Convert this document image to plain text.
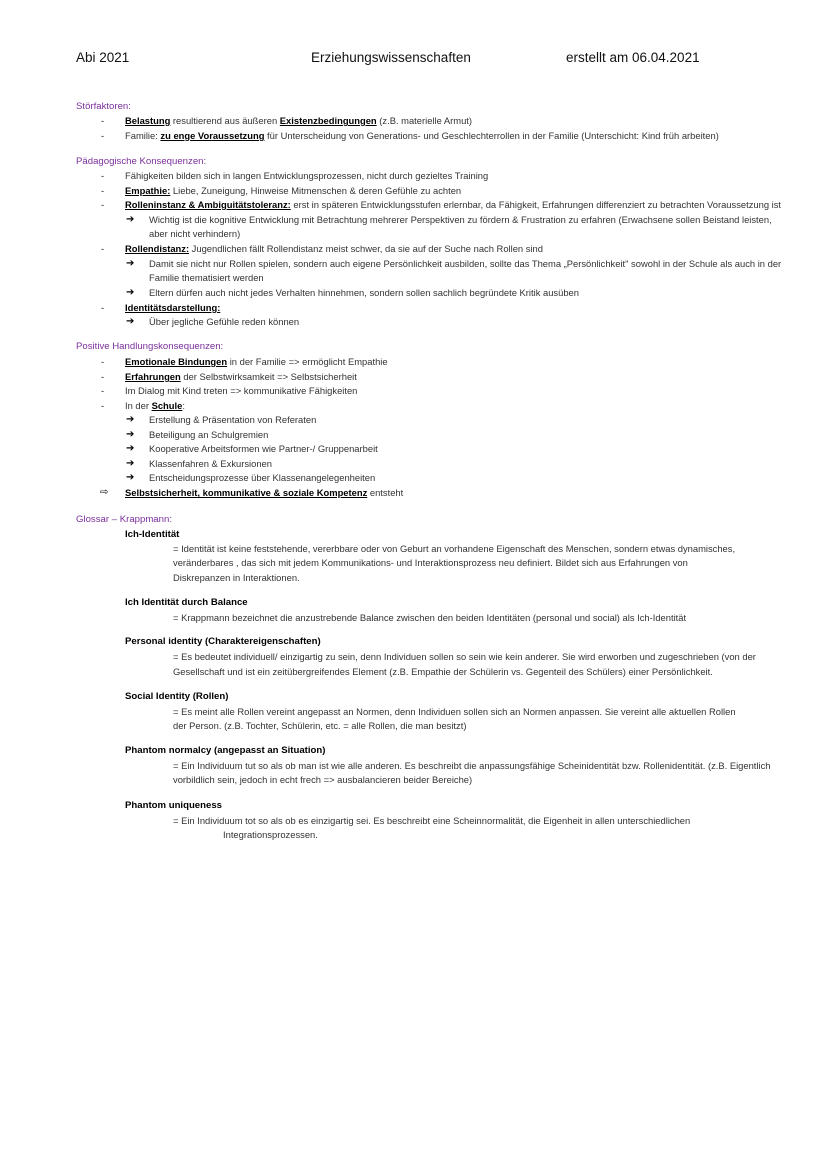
Abi 2021	Erziehungswissenschaften	erstellt am 06.04.2021
Störfaktoren:
-	Belastung resultierend aus äußeren Existenzbedingungen (z.B. materielle Armut)
-	Familie: zu enge Voraussetzung für Unterscheidung von Generations- und Geschlechterrollen in der Familie (Unterschicht: Kind früh arbeiten)
Pädagogische Konsequenzen:
-	Fähigkeiten bilden sich in langen Entwicklungsprozessen, nicht durch gezieltes Training
-	Empathie: Liebe, Zuneigung, Hinweise Mitmenschen & deren Gefühle zu achten
-	Rolleninstanz & Ambiguitätstoleranz: erst in späteren Entwicklungsstufen erlernbar, da Fähigkeit, Erfahrungen differenziert zu betrachten Voraussetzung ist
➔ Wichtig ist die kognitive Entwicklung mit Betrachtung mehrerer Perspektiven zu fördern & Frustration zu erfahren (Erwachsene sollen Beistand leisten,
aber nicht verhindern)
-	Rollendistanz: Jugendlichen fällt Rollendistanz meist schwer, da sie auf der Suche nach Rollen sind
➔ Damit sie nicht nur Rollen spielen, sondern auch eigene Persönlichkeit ausbilden, sollte das Thema „Persönlichkeit" sowohl in der Schule als auch in der
Familie thematisiert werden
➔ Eltern dürfen auch nicht jedes Verhalten hinnehmen, sondern sollen sachlich begründete Kritik ausüben
-	Identitätsdarstellung:
➔ Über jegliche Gefühle reden können
Positive Handlungskonsequenzen:
-	Emotionale Bindungen in der Familie => ermöglicht Empathie
-	Erfahrungen der Selbstwirksamkeit => Selbstsicherheit
-	Im Dialog mit Kind treten => kommunikative Fähigkeiten
-	In der Schule:
➔ Erstellung & Präsentation von Referaten
➔ Beteiligung an Schulgremien
➔ Kooperative Arbeitsformen wie Partner-/ Gruppenarbeit
➔ Klassenfahren & Exkursionen
➔ Entscheidungsprozesse über Klassenangelegenheiten
⇨ Selbstsicherheit, kommunikative & soziale Kompetenz entsteht
Glossar – Krappmann:
Ich-Identität
= Identität ist keine feststehende, vererbbare oder von Geburt an vorhandene Eigenschaft des Menschen, sondern etwas dynamisches,
veränderbares , das sich mit jedem Kommunikations- und Interaktionsprozess neu definiert. Bildet sich aus Erfahrungen von
Diskrepanzen in Interaktionen.
Ich Identität durch Balance
= Krappmann bezeichnet die anzustrebende Balance zwischen den beiden Identitäten (personal und social) als Ich-Identität
Personal identity (Charaktereigenschaften)
= Es bedeutet individuell/ einzigartig zu sein, denn Individuen sollen so sein wie kein anderer. Sie wird erworben und zugeschrieben (von der
Gesellschaft und ist ein zeitübergreifendes Element (z.B. Empathie der Schülerin vs. Gegenteil des Schülers) einer Persönlichkeit.
Social Identity (Rollen)
= Es meint alle Rollen vereint angepasst an Normen, denn Individuen sollen sich an Normen anpassen. Sie vereint alle aktuellen Rollen
der Person. (z.B. Tochter, Schülerin, etc. = alle Rollen, die man besitzt)
Phantom normalcy (angepasst an Situation)
= Ein Individuum tut so als ob man ist wie alle anderen. Es beschreibt die anpassungsfähige Scheinidentität bzw. Rollenidentität. (z.B. Eigentlich
vorbildlich sein, jedoch in echt frech => ausbalancieren beider Bereiche)
Phantom uniqueness
= Ein Individuum tot so als ob es einzigartig sei. Es beschreibt eine Scheinnormalität, die Eigenheit in allen unterschiedlichen
Integrationsprozessen.
